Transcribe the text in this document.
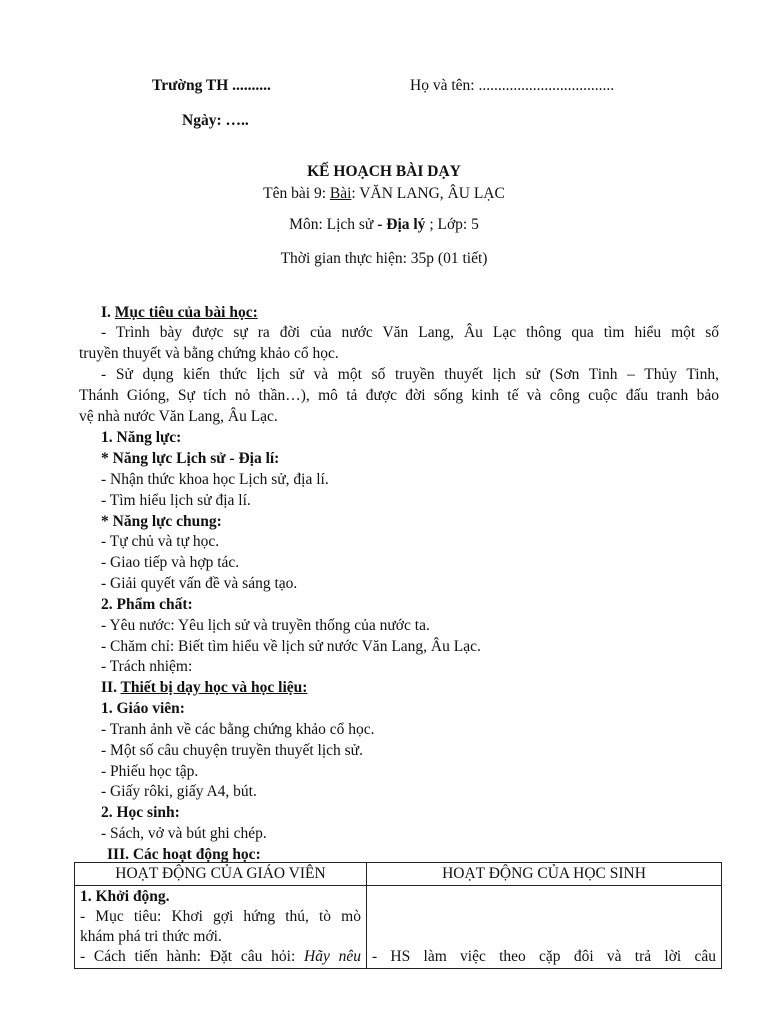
Trường TH ..........	Họ và tên: ...................................
Ngày: …..
KẾ HOẠCH BÀI DẠY
Tên bài 9: Bài: VĂN LANG, ÂU LẠC
Môn: Lịch sử - Địa lý ; Lớp: 5
Thời gian thực hiện: 35p (01 tiết)
I. Mục tiêu của bài học:
- Trình bày được sự ra đời của nước Văn Lang, Âu Lạc thông qua tìm hiểu một số
truyền thuyết và bằng chứng khảo cổ học.
- Sử dụng kiến thức lịch sử và một số truyền thuyết lịch sử (Sơn Tinh – Thủy Tinh,
Thánh Gióng, Sự tích nỏ thần…), mô tả được đời sống kinh tế và công cuộc đấu tranh bảo
vệ nhà nước Văn Lang, Âu Lạc.
1. Năng lực:
* Năng lực Lịch sử - Địa lí:
- Nhận thức khoa học Lịch sử, địa lí.
- Tìm hiểu lịch sử địa lí.
* Năng lực chung:
- Tự chủ và tự học.
- Giao tiếp và hợp tác.
- Giải quyết vấn đề và sáng tạo.
2. Phẩm chất:
- Yêu nước: Yêu lịch sử và truyền thống của nước ta.
- Chăm chỉ: Biết tìm hiểu về lịch sử nước Văn Lang, Âu Lạc.
- Trách nhiệm:
II. Thiết bị dạy học và học liệu:
1. Giáo viên:
- Tranh ảnh về các bằng chứng khảo cổ học.
- Một số câu chuyện truyền thuyết lịch sử.
- Phiếu học tập.
- Giấy rôki, giấy A4, bút.
2. Học sinh:
- Sách, vở và bút ghi chép.
III. Các hoạt động học:
HOẠT ĐỘNG CỦA GIÁO VIÊN	HOẠT ĐỘNG CỦA HỌC SINH

1. Khởi động.
- Mục tiêu: Khơi gợi hứng thú, tò mò
khám phá tri thức mới.
- Cách tiến hành: Đặt câu hỏi: Hãy nêu	- HS làm việc theo cặp đôi và trả lời câu
